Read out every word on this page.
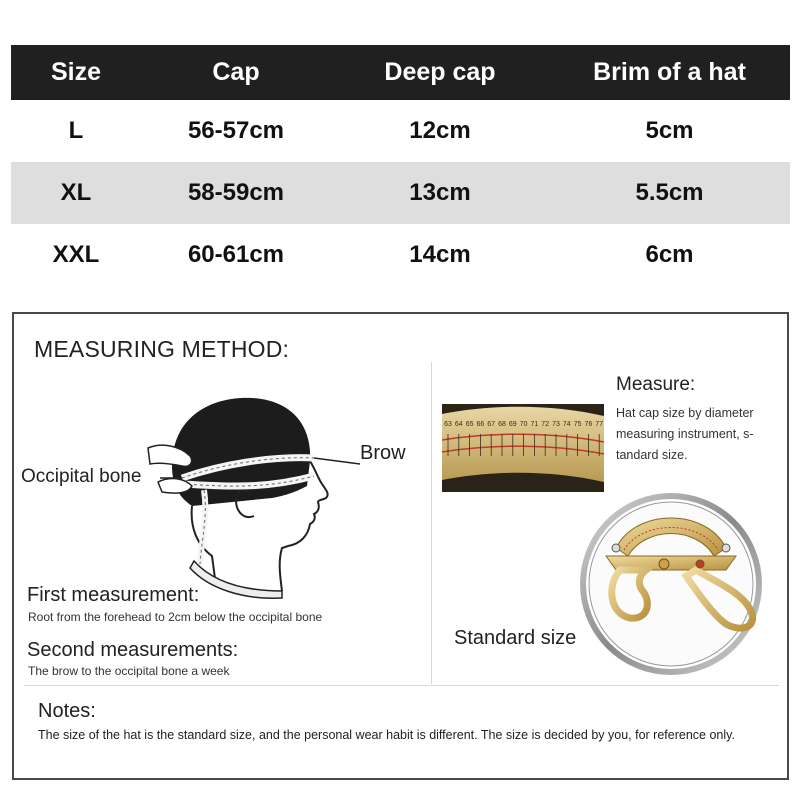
Size	Cap	Deep cap	Brim of a hat
L	56-57cm	12cm	5cm
XL	58-59cm	13cm	5.5cm
XXL	60-61cm	14cm	6cm
MEASURING METHOD:
Occipital bone
Brow
First measurement:
Root from the forehead to 2cm below the occipital bone
Second measurements:
The brow to the occipital bone a week
63 64 65 66 67 68 69 70 71 72 73 74 75 76 77
Measure:
Hat cap size by diameter measuring instrument, s-tandard size.
Standard size
Notes:
The size of the hat is the standard size, and the personal wear habit is different. The size is decided by you, for reference only.
